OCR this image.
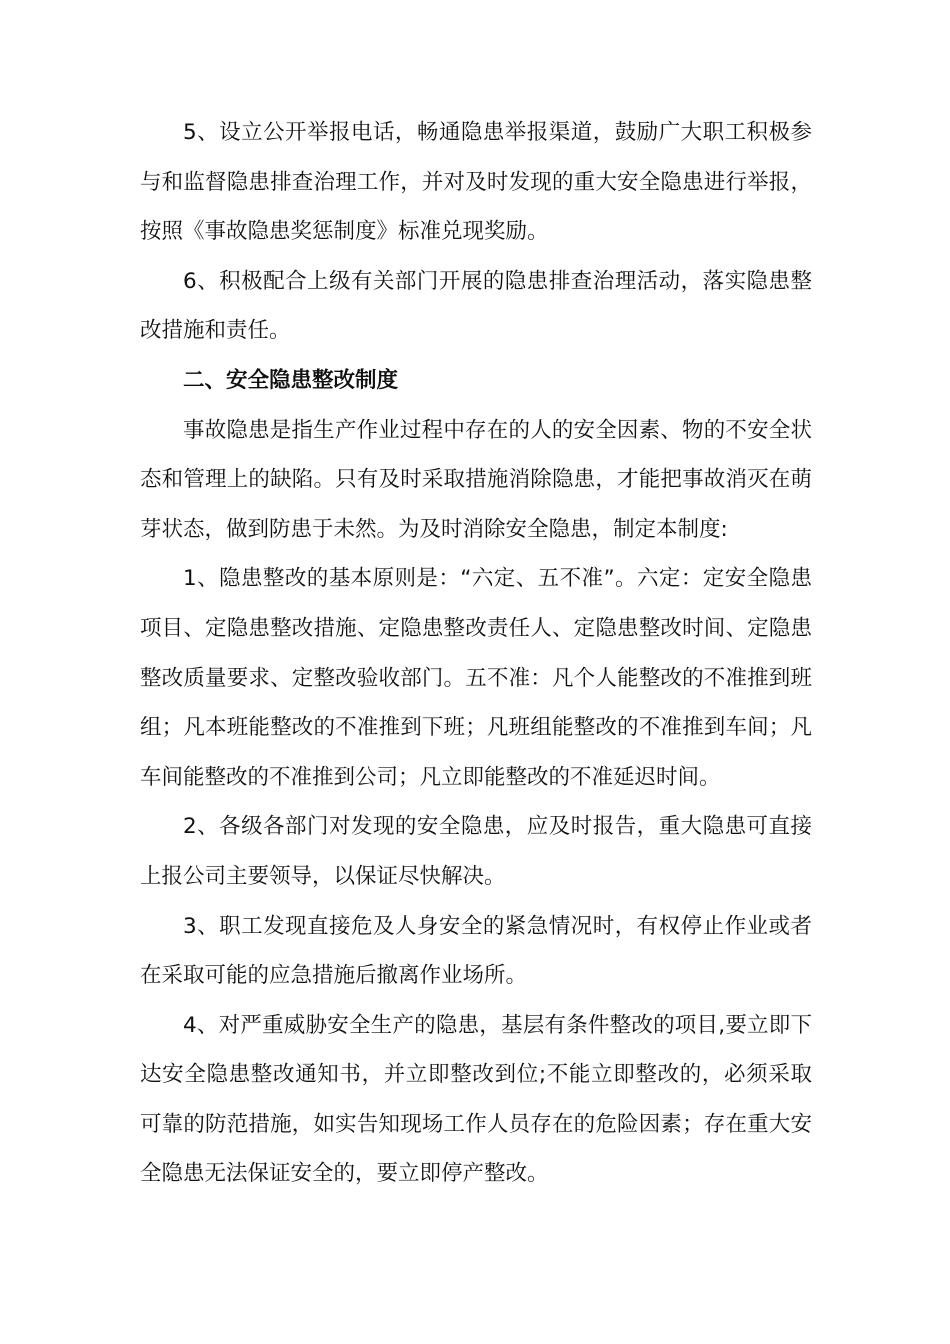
5、设立公开举报电话，畅通隐患举报渠道，鼓励广大职工积极参与和监督隐患排查治理工作，并对及时发现的重大安全隐患进行举报，按照《事故隐患奖惩制度》标准兑现奖励。

6、积极配合上级有关部门开展的隐患排查治理活动，落实隐患整改措施和责任。

二、安全隐患整改制度

事故隐患是指生产作业过程中存在的人的安全因素、物的不安全状态和管理上的缺陷。只有及时采取措施消除隐患，才能把事故消灭在萌芽状态，做到防患于未然。为及时消除安全隐患，制定本制度:

1、隐患整改的基本原则是：“六定、五不准”。六定：定安全隐患项目、定隐患整改措施、定隐患整改责任人、定隐患整改时间、定隐患整改质量要求、定整改验收部门。五不准：凡个人能整改的不准推到班组；凡本班能整改的不准推到下班；凡班组能整改的不准推到车间；凡车间能整改的不准推到公司；凡立即能整改的不准延迟时间。

2、各级各部门对发现的安全隐患，应及时报告，重大隐患可直接上报公司主要领导，以保证尽快解决。

3、职工发现直接危及人身安全的紧急情况时，有权停止作业或者在采取可能的应急措施后撤离作业场所。

4、对严重威胁安全生产的隐患，基层有条件整改的项目,要立即下达安全隐患整改通知书，并立即整改到位;不能立即整改的，必须采取可靠的防范措施，如实告知现场工作人员存在的危险因素；存在重大安全隐患无法保证安全的，要立即停产整改。
